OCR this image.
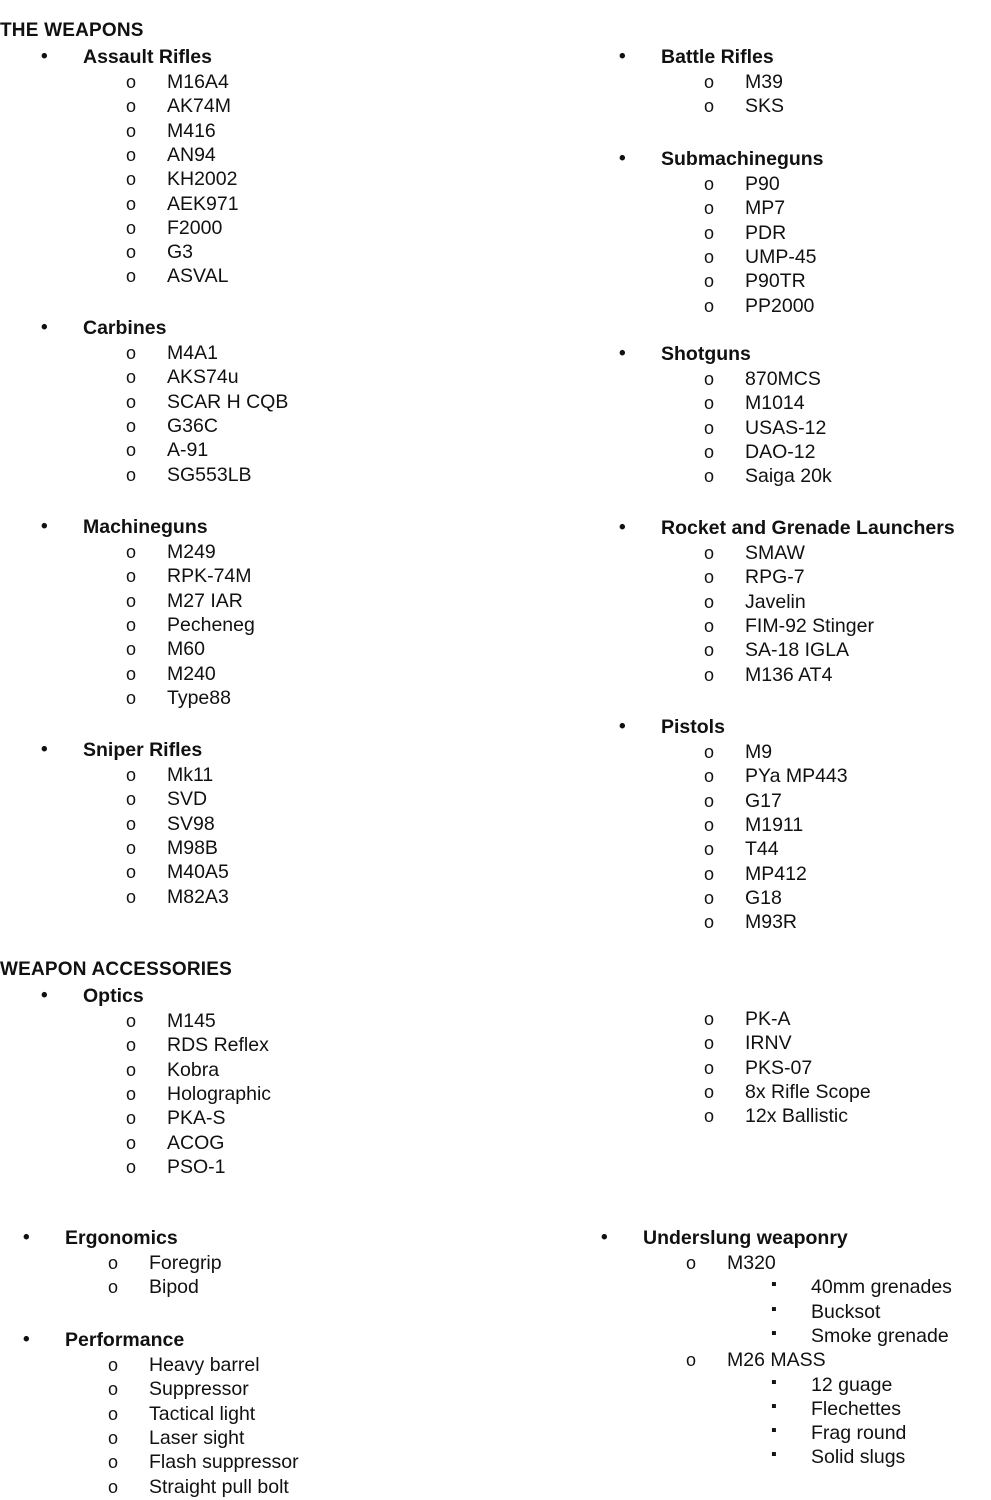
THE WEAPONS
• Assault Rifles
o M16A4
o AK74M
o M416
o AN94
o KH2002
o AEK971
o F2000
o G3
o ASVAL
• Carbines
o M4A1
o AKS74u
o SCAR H CQB
o G36C
o A-91
o SG553LB
• Machineguns
o M249
o RPK-74M
o M27 IAR
o Pecheneg
o M60
o M240
o Type88
• Sniper Rifles
o Mk11
o SVD
o SV98
o M98B
o M40A5
o M82A3
• Battle Rifles
o M39
o SKS
• Submachineguns
o P90
o MP7
o PDR
o UMP-45
o P90TR
o PP2000
• Shotguns
o 870MCS
o M1014
o USAS-12
o DAO-12
o Saiga 20k
• Rocket and Grenade Launchers
o SMAW
o RPG-7
o Javelin
o FIM-92 Stinger
o SA-18 IGLA
o M136 AT4
• Pistols
o M9
o PYa MP443
o G17
o M1911
o T44
o MP412
o G18
o M93R
WEAPON ACCESSORIES
• Optics
o M145
o RDS Reflex
o Kobra
o Holographic
o PKA-S
o ACOG
o PSO-1
o PK-A
o IRNV
o PKS-07
o 8x Rifle Scope
o 12x Ballistic
• Ergonomics
o Foregrip
o Bipod
• Performance
o Heavy barrel
o Suppressor
o Tactical light
o Laser sight
o Flash suppressor
o Straight pull bolt
• Underslung weaponry
o M320
▪ 40mm grenades
▪ Bucksot
▪ Smoke grenade
o M26 MASS
▪ 12 guage
▪ Flechettes
▪ Frag round
▪ Solid slugs
